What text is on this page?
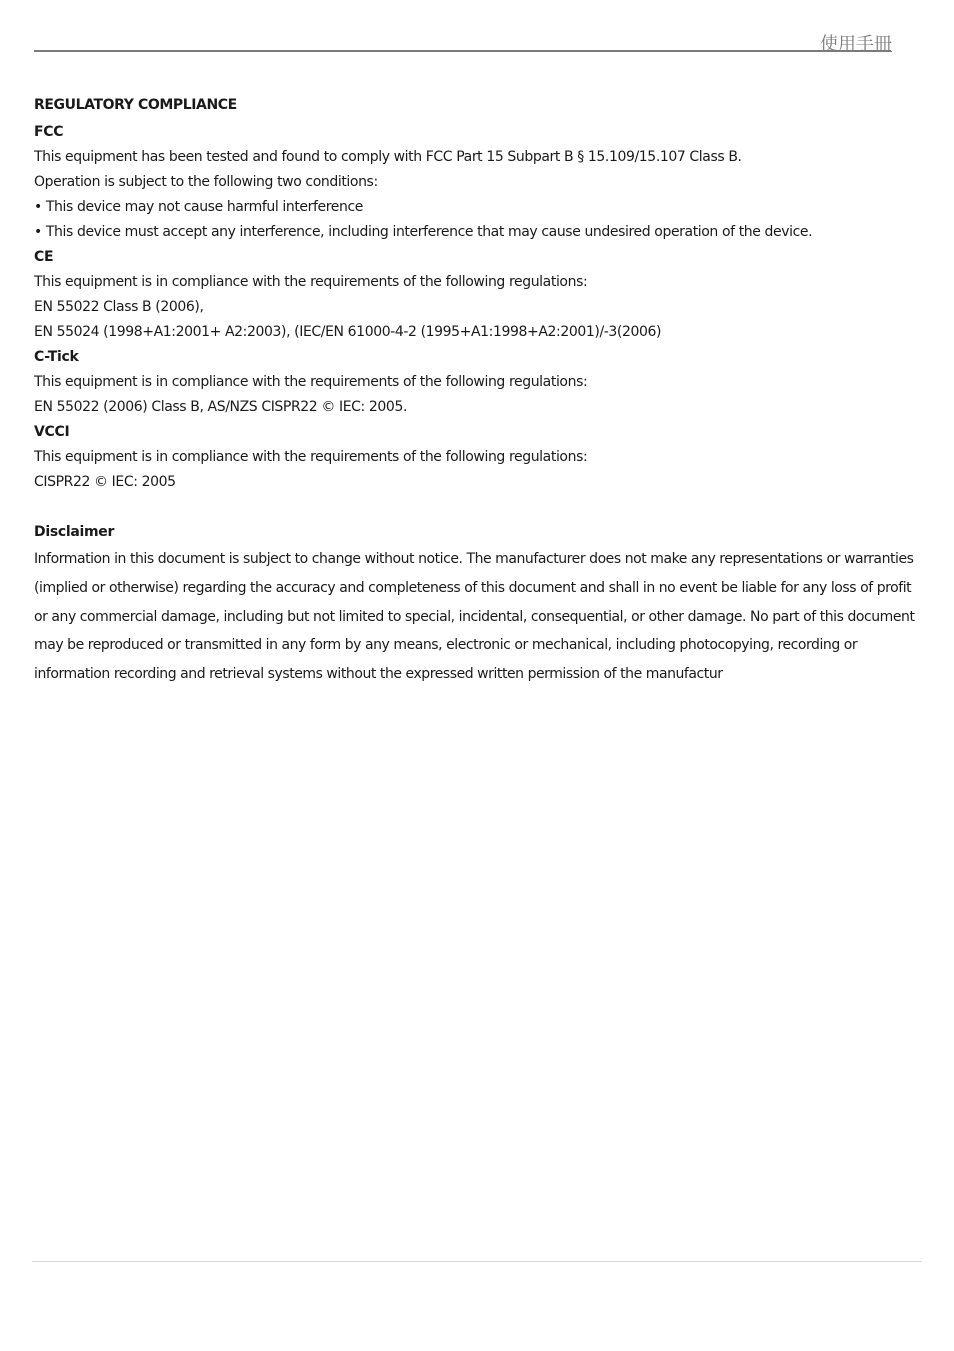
使用手冊

REGULATORY COMPLIANCE

FCC

This equipment has been tested and found to comply with FCC Part 15 Subpart B § 15.109/15.107 Class B.

Operation is subject to the following two conditions:

• This device may not cause harmful interference

• This device must accept any interference, including interference that may cause undesired operation of the device.

CE

This equipment is in compliance with the requirements of the following regulations:

EN 55022 Class B (2006),

EN 55024 (1998+A1:2001+ A2:2003), (IEC/EN 61000-4-2 (1995+A1:1998+A2:2001)/-3(2006)

C-Tick

This equipment is in compliance with the requirements of the following regulations:

EN 55022 (2006) Class B, AS/NZS CISPR22 © IEC: 2005.

VCCI

This equipment is in compliance with the requirements of the following regulations:

CISPR22 © IEC: 2005

Disclaimer

Information in this document is subject to change without notice. The manufacturer does not make any representations or warranties (implied or otherwise) regarding the accuracy and completeness of this document and shall in no event be liable for any loss of profit or any commercial damage, including but not limited to special, incidental, consequential, or other damage. No part of this document may be reproduced or transmitted in any form by any means, electronic or mechanical, including photocopying, recording or information recording and retrieval systems without the expressed written permission of the manufactur
